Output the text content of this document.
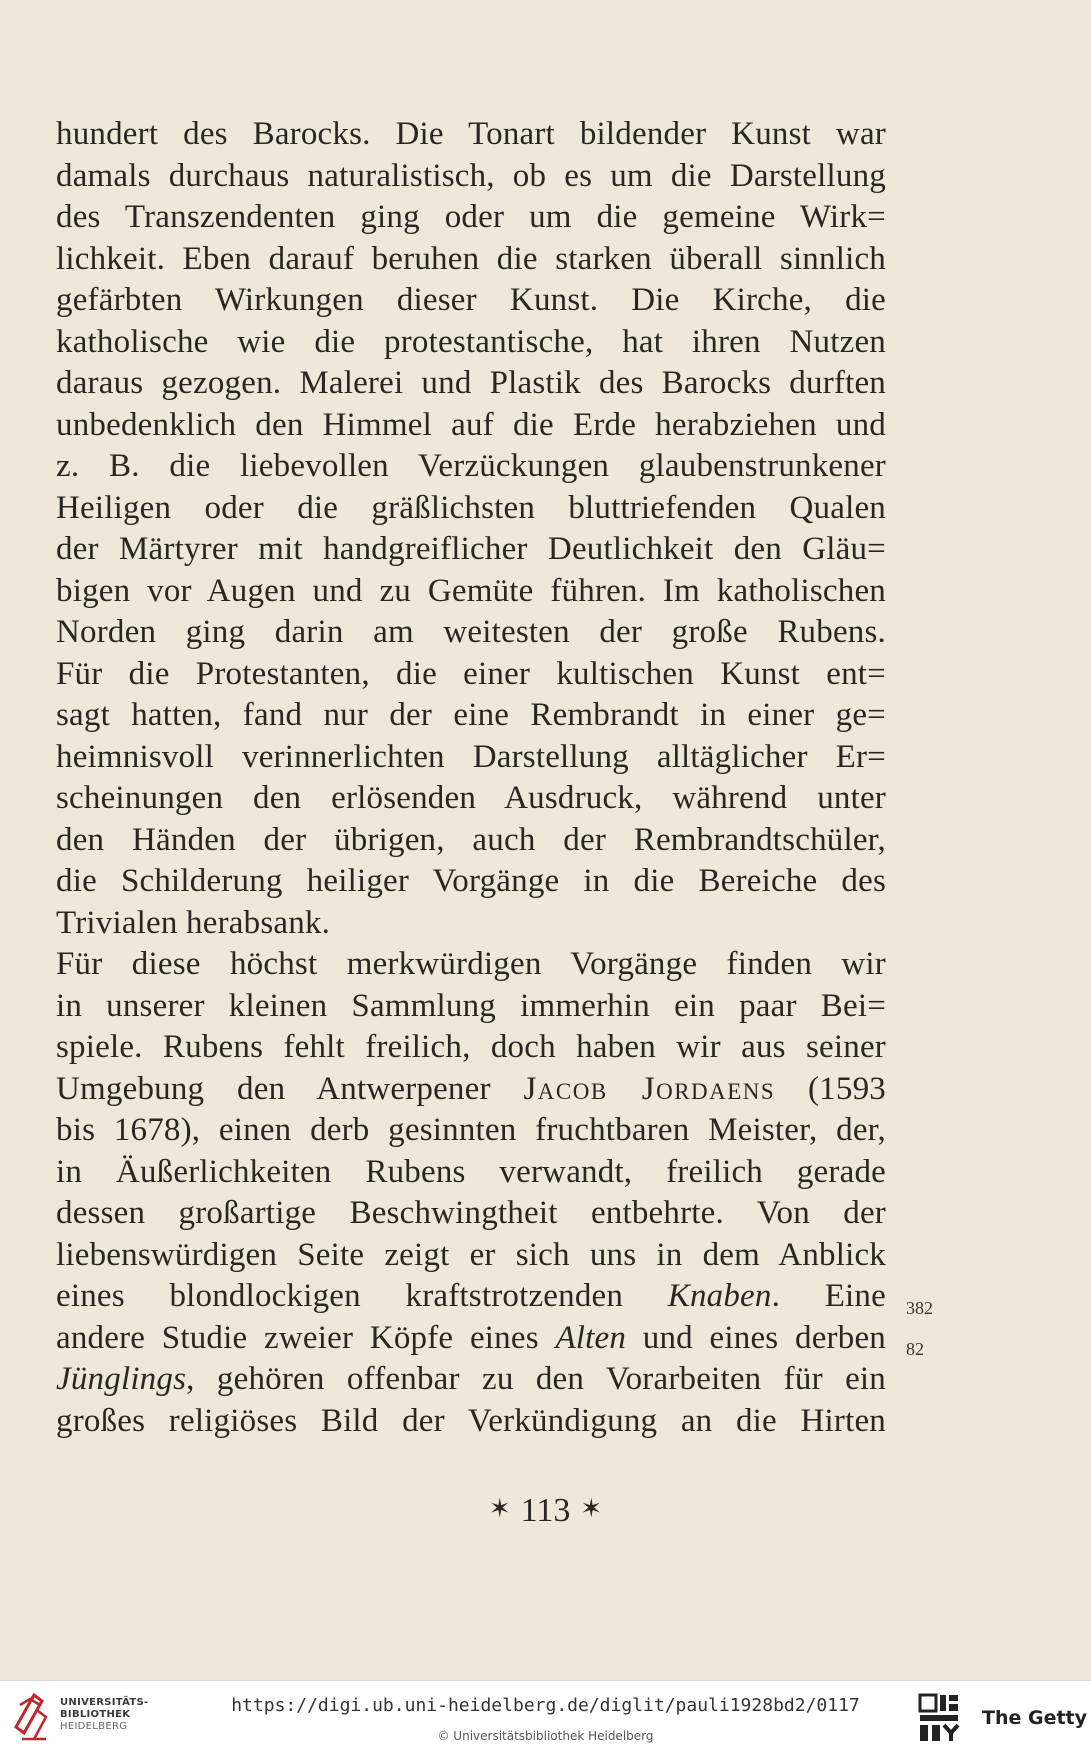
hundert des Barocks. Die Tonart bildender Kunst war
damals durchaus naturalistisch, ob es um die Darstellung
des Transzendenten ging oder um die gemeine Wirk=
lichkeit. Eben darauf beruhen die starken überall sinnlich
gefärbten Wirkungen dieser Kunst. Die Kirche, die
katholische wie die protestantische, hat ihren Nutzen
daraus gezogen. Malerei und Plastik des Barocks durften
unbedenklich den Himmel auf die Erde herabziehen und
z. B. die liebevollen Verzückungen glaubenstrunkener
Heiligen oder die gräßlichsten bluttriefenden Qualen
der Märtyrer mit handgreiflicher Deutlichkeit den Gläu=
bigen vor Augen und zu Gemüte führen. Im katholischen
Norden ging darin am weitesten der große Rubens.
Für die Protestanten, die einer kultischen Kunst ent=
sagt hatten, fand nur der eine Rembrandt in einer ge=
heimnisvoll verinnerlichten Darstellung alltäglicher Er=
scheinungen den erlösenden Ausdruck, während unter
den Händen der übrigen, auch der Rembrandtschüler,
die Schilderung heiliger Vorgänge in die Bereiche des
Trivialen herabsank.
Für diese höchst merkwürdigen Vorgänge finden wir
in unserer kleinen Sammlung immerhin ein paar Bei=
spiele. Rubens fehlt freilich, doch haben wir aus seiner
Umgebung den Antwerpener Jacob Jordaens (1593
bis 1678), einen derb gesinnten fruchtbaren Meister, der,
in Äußerlichkeiten Rubens verwandt, freilich gerade
dessen großartige Beschwingtheit entbehrte. Von der
liebenswürdigen Seite zeigt er sich uns in dem Anblick
eines blondlockigen kraftstrotzenden Knaben. Eine
andere Studie zweier Köpfe eines Alten und eines derben
Jünglings, gehören offenbar zu den Vorarbeiten für ein
großes religiöses Bild der Verkündigung an die Hirten
382
82
✶ 113 ✶
UNIVERSITÄTS-
BIBLIOTHEK
HEIDELBERG
https://digi.ub.uni-heidelberg.de/diglit/pauli1928bd2/0117
© Universitätsbibliothek Heidelberg
The Getty
